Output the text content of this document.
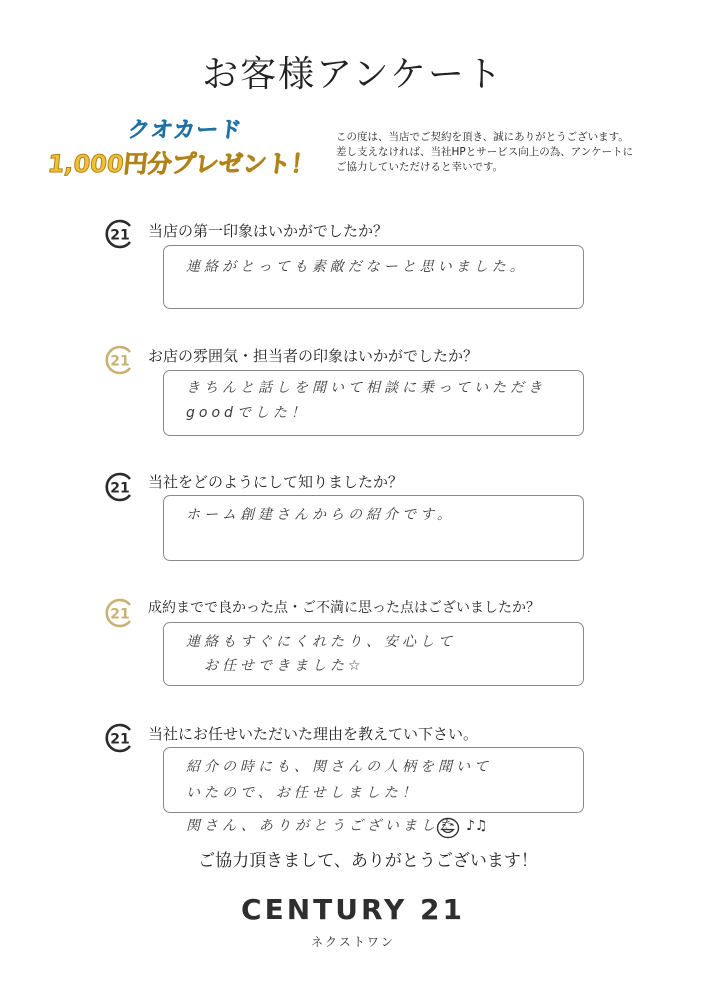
お客様アンケート
クオカード
1,000円分プレゼント！
この度は、当店でご契約を頂き、誠にありがとうございます。
差し支えなければ、当社HPとサービス向上の為、アンケートに
ご協力していただけると幸いです。
21 当店の第一印象はいかがでしたか？
連絡がとっても素敵だなーと思いました。
21 お店の雰囲気・担当者の印象はいかがでしたか？
きちんと話しを聞いて相談に乗っていただき
goodでした！
21 当社をどのようにして知りましたか？
ホーム創建さんからの紹介です。
21 成約までで良かった点・ご不満に思った点はございましたか？
連絡もすぐにくれたり、安心して
お任せできました☆
21 当社にお任せいただいた理由を教えてい下さい。
紹介の時にも、関さんの人柄を聞いて
いたので、お任せしました！
関さん、ありがとうございました ♪♫
ご協力頂きまして、ありがとうございます！
CENTURY 21
ネクストワン
